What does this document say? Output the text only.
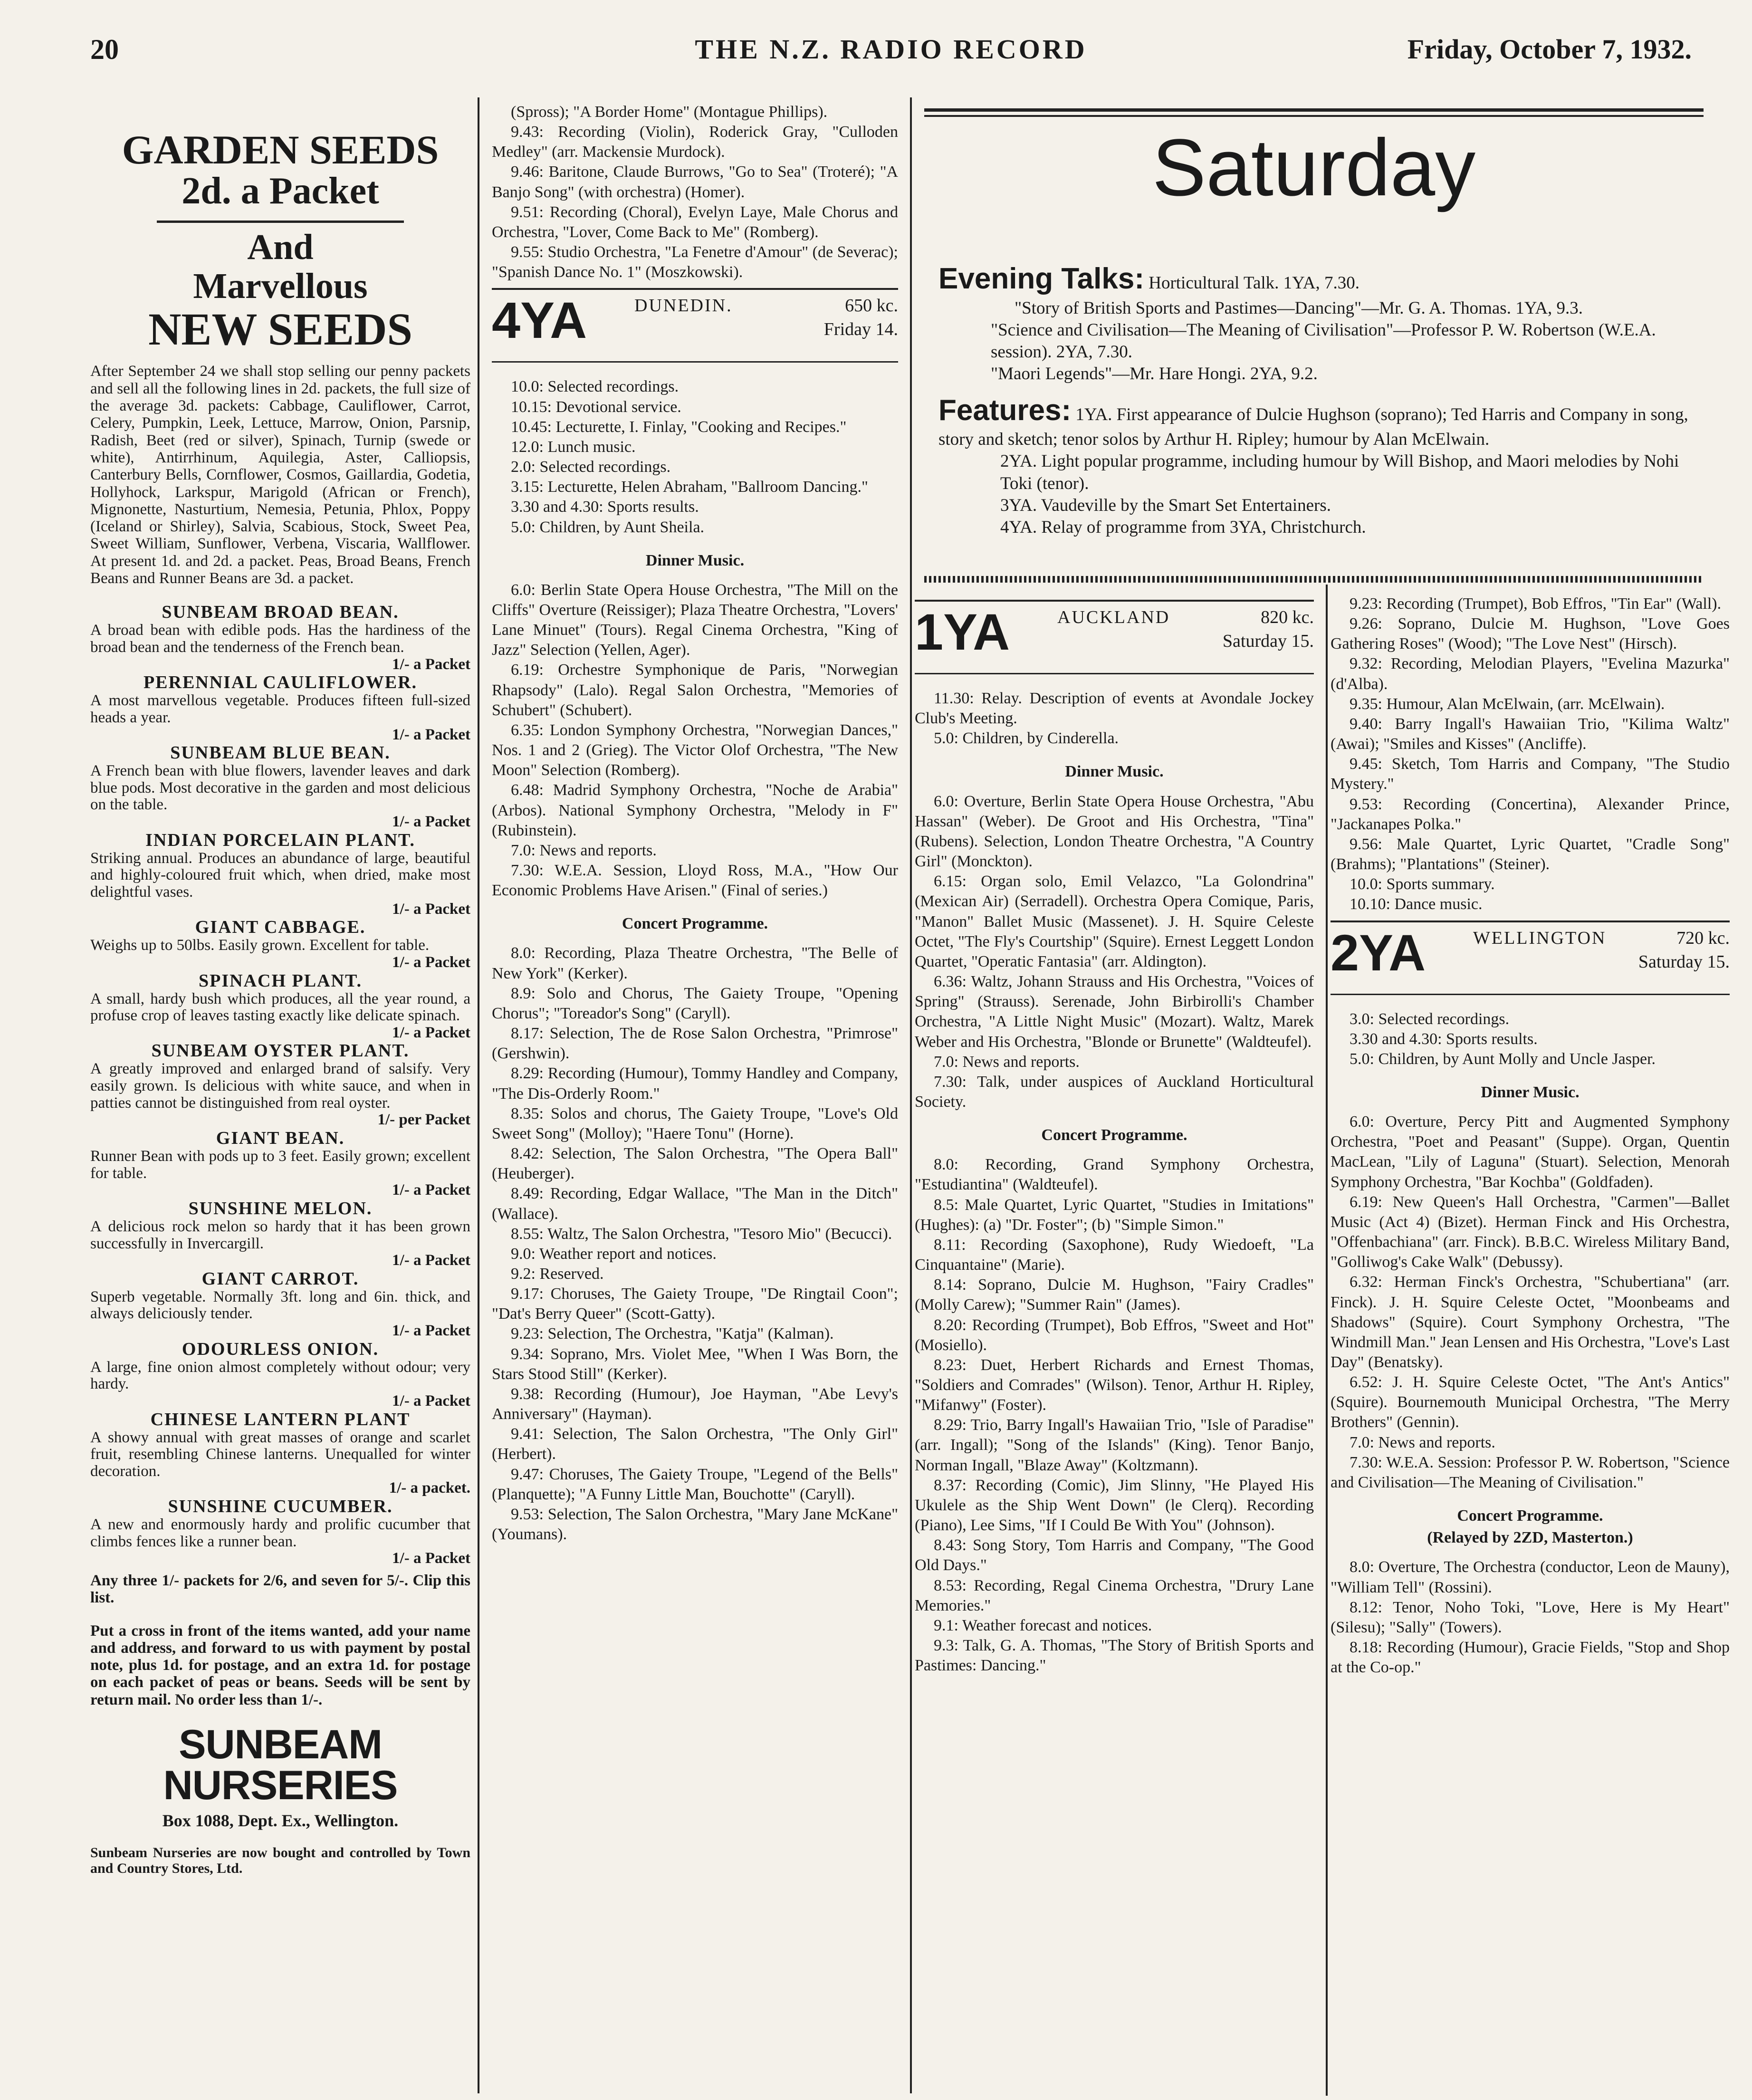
20	THE N.Z. RADIO RECORD	Friday, October 7, 1932.
GARDEN SEEDS
2d. a Packet
And
Marvellous
NEW SEEDS

After September 24 we shall stop selling our penny packets and sell all the following lines in 2d. packets, the full size of the average 3d. packets: Cabbage, Cauliflower, Carrot, Celery, Pumpkin, Leek, Lettuce, Marrow, Onion, Parsnip, Radish, Beet (red or silver), Spinach, Turnip (swede or white), Antirrhinum, Aquilegia, Aster, Calliopsis, Canterbury Bells, Cornflower, Cosmos, Gaillardia, Godetia, Hollyhock, Larkspur, Marigold (African or French), Mignonette, Nasturtium, Nemesia, Petunia, Phlox, Poppy (Iceland or Shirley), Salvia, Scabious, Stock, Sweet Pea, Sweet William, Sunflower, Verbena, Viscaria, Wallflower. At present 1d. and 2d. a packet. Peas, Broad Beans, French Beans and Runner Beans are 3d. a packet.

SUNBEAM BROAD BEAN.
A broad bean with edible pods. Has the hardiness of the broad bean and the tenderness of the French bean.
1/- a Packet
PERENNIAL CAULIFLOWER.
A most marvellous vegetable. Produces fifteen full-sized heads a year.
1/- a Packet
SUNBEAM BLUE BEAN.
A French bean with blue flowers, lavender leaves and dark blue pods. Most decorative in the garden and most delicious on the table.
1/- a Packet
INDIAN PORCELAIN PLANT.
Striking annual. Produces an abundance of large, beautiful and highly-coloured fruit which, when dried, make most delightful vases.
1/- a Packet
GIANT CABBAGE.
Weighs up to 50lbs. Easily grown. Excellent for table.
1/- a Packet
SPINACH PLANT.
A small, hardy bush which produces, all the year round, a profuse crop of leaves tasting exactly like delicate spinach.
1/- a Packet
SUNBEAM OYSTER PLANT.
A greatly improved and enlarged brand of salsify. Very easily grown. Is delicious with white sauce, and when in patties cannot be distinguished from real oyster.
1/- per Packet
GIANT BEAN.
Runner Bean with pods up to 3 feet. Easily grown; excellent for table.
1/- a Packet
SUNSHINE MELON.
A delicious rock melon so hardy that it has been grown successfully in Invercargill.
1/- a Packet
GIANT CARROT.
Superb vegetable. Normally 3ft. long and 6in. thick, and always deliciously tender.
1/- a Packet
ODOURLESS ONION.
A large, fine onion almost completely without odour; very hardy.
1/- a Packet
CHINESE LANTERN PLANT
A showy annual with great masses of orange and scarlet fruit, resembling Chinese lanterns. Unequalled for winter decoration.
1/- a packet.
SUNSHINE CUCUMBER.
A new and enormously hardy and prolific cucumber that climbs fences like a runner bean.
1/- a Packet

Any three 1/- packets for 2/6, and seven for 5/-. Clip this list.

Put a cross in front of the items wanted, add your name and address, and forward to us with payment by postal note, plus 1d. for postage, and an extra 1d. for postage on each packet of peas or beans. Seeds will be sent by return mail. No order less than 1/-.

SUNBEAM NURSERIES
Box 1088, Dept. Ex., Wellington.

Sunbeam Nurseries are now bought and controlled by Town and Country Stores, Ltd.

(Spross); "A Border Home" (Montague Phillips).

9.43: Recording (Violin), Roderick Gray, "Culloden Medley" (arr. Mackensie Murdock).

9.46: Baritone, Claude Burrows, "Go to Sea" (Troteré); "A Banjo Song" (with orchestra) (Homer).

9.51: Recording (Choral), Evelyn Laye, Male Chorus and Orchestra, "Lover, Come Back to Me" (Romberg).

9.55: Studio Orchestra, "La Fenetre d'Amour" (de Severac); "Spanish Dance No. 1" (Moszkowski).

4YA	DUNEDIN.	650 kc.
Friday 14.

10.0: Selected recordings.

10.15: Devotional service.

10.45: Lecturette, I. Finlay, "Cooking and Recipes."

12.0: Lunch music.

2.0: Selected recordings.

3.15: Lecturette, Helen Abraham, "Ballroom Dancing."

3.30 and 4.30: Sports results.

5.0: Children, by Aunt Sheila.

Dinner Music.

6.0: Berlin State Opera House Orchestra, "The Mill on the Cliffs" Overture (Reissiger); Plaza Theatre Orchestra, "Lovers' Lane Minuet" (Tours). Regal Cinema Orchestra, "King of Jazz" Selection (Yellen, Ager).

6.19: Orchestre Symphonique de Paris, "Norwegian Rhapsody" (Lalo). Regal Salon Orchestra, "Memories of Schubert" (Schubert).

6.35: London Symphony Orchestra, "Norwegian Dances," Nos. 1 and 2 (Grieg). The Victor Olof Orchestra, "The New Moon" Selection (Romberg).

6.48: Madrid Symphony Orchestra, "Noche de Arabia" (Arbos). National Symphony Orchestra, "Melody in F" (Rubinstein).

7.0: News and reports.

7.30: W.E.A. Session, Lloyd Ross, M.A., "How Our Economic Problems Have Arisen." (Final of series.)

Concert Programme.

8.0: Recording, Plaza Theatre Orchestra, "The Belle of New York" (Kerker).

8.9: Solo and Chorus, The Gaiety Troupe, "Opening Chorus"; "Toreador's Song" (Caryll).

8.17: Selection, The de Rose Salon Orchestra, "Primrose" (Gershwin).

8.29: Recording (Humour), Tommy Handley and Company, "The Dis-Orderly Room."

8.35: Solos and chorus, The Gaiety Troupe, "Love's Old Sweet Song" (Molloy); "Haere Tonu" (Horne).

8.42: Selection, The Salon Orchestra, "The Opera Ball" (Heuberger).

8.49: Recording, Edgar Wallace, "The Man in the Ditch" (Wallace).

8.55: Waltz, The Salon Orchestra, "Tesoro Mio" (Becucci).

9.0: Weather report and notices.

9.2: Reserved.

9.17: Choruses, The Gaiety Troupe, "De Ringtail Coon"; "Dat's Berry Queer" (Scott-Gatty).

9.23: Selection, The Orchestra, "Katja" (Kalman).

9.34: Soprano, Mrs. Violet Mee, "When I Was Born, the Stars Stood Still" (Kerker).

9.38: Recording (Humour), Joe Hayman, "Abe Levy's Anniversary" (Hayman).

9.41: Selection, The Salon Orchestra, "The Only Girl" (Herbert).

9.47: Choruses, The Gaiety Troupe, "Legend of the Bells" (Planquette); "A Funny Little Man, Bouchotte" (Caryll).

9.53: Selection, The Salon Orchestra, "Mary Jane McKane" (Youmans).

Saturday
Evening Talks: Horticultural Talk. 1YA, 7.30.
"Story of British Sports and Pastimes—Dancing"—Mr. G. A. Thomas. 1YA, 9.3.
"Science and Civilisation—The Meaning of Civilisation"—Professor P. W. Robertson (W.E.A. session). 2YA, 7.30.
"Maori Legends"—Mr. Hare Hongi. 2YA, 9.2.
Features: 1YA. First appearance of Dulcie Hughson (soprano); Ted Harris and Company in song, story and sketch; tenor solos by Arthur H. Ripley; humour by Alan McElwain.
2YA. Light popular programme, including humour by Will Bishop, and Maori melodies by Nohi Toki (tenor).
3YA. Vaudeville by the Smart Set Entertainers.
4YA. Relay of programme from 3YA, Christchurch.
1YA	AUCKLAND	820 kc.
Saturday 15.

11.30: Relay. Description of events at Avondale Jockey Club's Meeting.

5.0: Children, by Cinderella.

Dinner Music.

6.0: Overture, Berlin State Opera House Orchestra, "Abu Hassan" (Weber). De Groot and His Orchestra, "Tina" (Rubens). Selection, London Theatre Orchestra, "A Country Girl" (Monckton).

6.15: Organ solo, Emil Velazco, "La Golondrina" (Mexican Air) (Serradell). Orchestra Opera Comique, Paris, "Manon" Ballet Music (Massenet). J. H. Squire Celeste Octet, "The Fly's Courtship" (Squire). Ernest Leggett London Quartet, "Operatic Fantasia" (arr. Aldington).

6.36: Waltz, Johann Strauss and His Orchestra, "Voices of Spring" (Strauss). Serenade, John Birbirolli's Chamber Orchestra, "A Little Night Music" (Mozart). Waltz, Marek Weber and His Orchestra, "Blonde or Brunette" (Waldteufel).

7.0: News and reports.

7.30: Talk, under auspices of Auckland Horticultural Society.

Concert Programme.

8.0: Recording, Grand Symphony Orchestra, "Estudiantina" (Waldteufel).

8.5: Male Quartet, Lyric Quartet, "Studies in Imitations" (Hughes): (a) "Dr. Foster"; (b) "Simple Simon."

8.11: Recording (Saxophone), Rudy Wiedoeft, "La Cinquantaine" (Marie).

8.14: Soprano, Dulcie M. Hughson, "Fairy Cradles" (Molly Carew); "Summer Rain" (James).

8.20: Recording (Trumpet), Bob Effros, "Sweet and Hot" (Mosiello).

8.23: Duet, Herbert Richards and Ernest Thomas, "Soldiers and Comrades" (Wilson). Tenor, Arthur H. Ripley, "Mifanwy" (Foster).

8.29: Trio, Barry Ingall's Hawaiian Trio, "Isle of Paradise" (arr. Ingall); "Song of the Islands" (King). Tenor Banjo, Norman Ingall, "Blaze Away" (Koltzmann).

8.37: Recording (Comic), Jim Slinny, "He Played His Ukulele as the Ship Went Down" (le Clerq). Recording (Piano), Lee Sims, "If I Could Be With You" (Johnson).

8.43: Song Story, Tom Harris and Company, "The Good Old Days."

8.53: Recording, Regal Cinema Orchestra, "Drury Lane Memories."

9.1: Weather forecast and notices.

9.3: Talk, G. A. Thomas, "The Story of British Sports and Pastimes: Dancing."

9.23: Recording (Trumpet), Bob Effros, "Tin Ear" (Wall).

9.26: Soprano, Dulcie M. Hughson, "Love Goes Gathering Roses" (Wood); "The Love Nest" (Hirsch).

9.32: Recording, Melodian Players, "Evelina Mazurka" (d'Alba).

9.35: Humour, Alan McElwain, (arr. McElwain).

9.40: Barry Ingall's Hawaiian Trio, "Kilima Waltz" (Awai); "Smiles and Kisses" (Ancliffe).

9.45: Sketch, Tom Harris and Company, "The Studio Mystery."

9.53: Recording (Concertina), Alexander Prince, "Jackanapes Polka."

9.56: Male Quartet, Lyric Quartet, "Cradle Song" (Brahms); "Plantations" (Steiner).

10.0: Sports summary.

10.10: Dance music.

2YA	WELLINGTON	720 kc.
Saturday 15.

3.0: Selected recordings.

3.30 and 4.30: Sports results.

5.0: Children, by Aunt Molly and Uncle Jasper.

Dinner Music.

6.0: Overture, Percy Pitt and Augmented Symphony Orchestra, "Poet and Peasant" (Suppe). Organ, Quentin MacLean, "Lily of Laguna" (Stuart). Selection, Menorah Symphony Orchestra, "Bar Kochba" (Goldfaden).

6.19: New Queen's Hall Orchestra, "Carmen"—Ballet Music (Act 4) (Bizet). Herman Finck and His Orchestra, "Offenbachiana" (arr. Finck). B.B.C. Wireless Military Band, "Golliwog's Cake Walk" (Debussy).

6.32: Herman Finck's Orchestra, "Schubertiana" (arr. Finck). J. H. Squire Celeste Octet, "Moonbeams and Shadows" (Squire). Court Symphony Orchestra, "The Windmill Man." Jean Lensen and His Orchestra, "Love's Last Day" (Benatsky).

6.52: J. H. Squire Celeste Octet, "The Ant's Antics" (Squire). Bournemouth Municipal Orchestra, "The Merry Brothers" (Gennin).

7.0: News and reports.

7.30: W.E.A. Session: Professor P. W. Robertson, "Science and Civilisation—The Meaning of Civilisation."

Concert Programme.

(Relayed by 2ZD, Masterton.)

8.0: Overture, The Orchestra (conductor, Leon de Mauny), "William Tell" (Rossini).

8.12: Tenor, Noho Toki, "Love, Here is My Heart" (Silesu); "Sally" (Towers).

8.18: Recording (Humour), Gracie Fields, "Stop and Shop at the Co-op."
